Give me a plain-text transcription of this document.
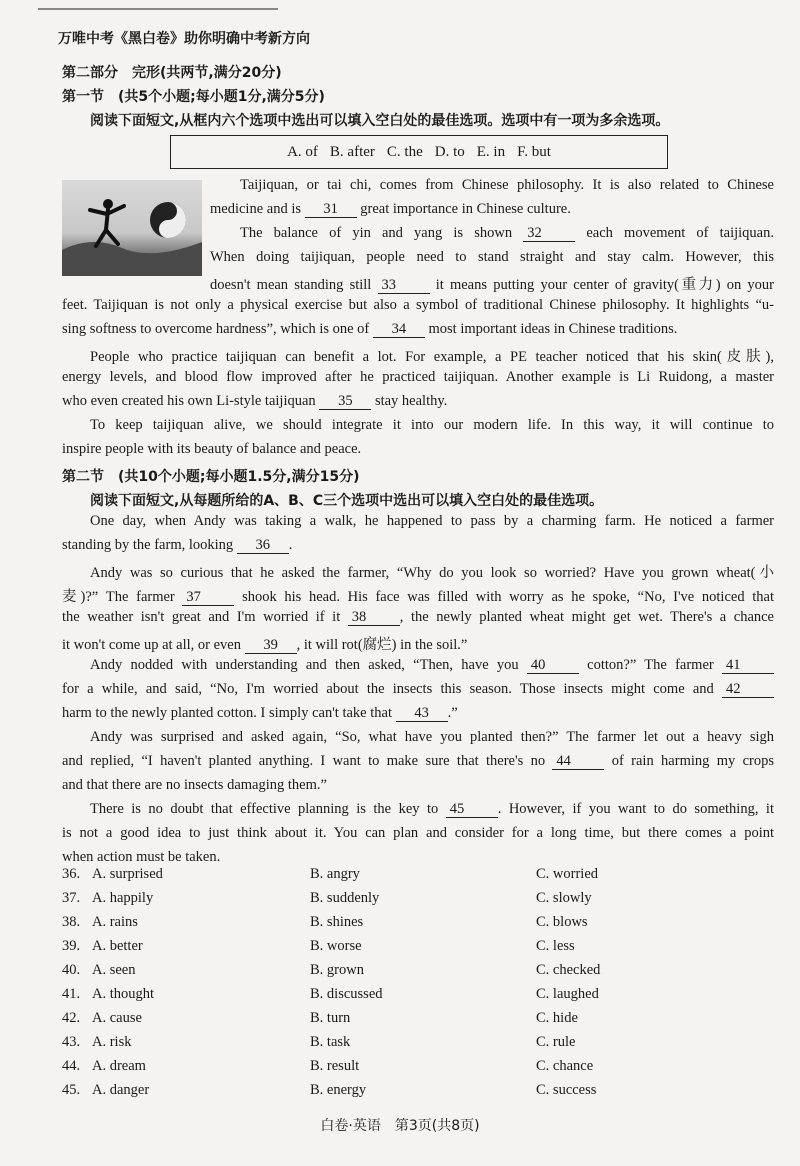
万唯中考《黑白卷》助你明确中考新方向
第二部分　完形(共两节,满分20分)
第一节　(共5个小题;每小题1分,满分5分)
阅读下面短文,从框内六个选项中选出可以填入空白处的最佳选项。选项中有一项为多余选项。
A. of B. after C. the D. to E. in F. but
Taijiquan, or tai chi, comes from Chinese philosophy. It is also related to Chinese
medicine and is 31 great importance in Chinese culture.
The balance of yin and yang is shown 32 each movement of taijiquan.
When doing taijiquan, people need to stand straight and stay calm. However, this
doesn't mean standing still 33 it means putting your center of gravity(重力) on your
feet. Taijiquan is not only a physical exercise but also a symbol of traditional Chinese philosophy. It highlights “u-
sing softness to overcome hardness”, which is one of 34 most important ideas in Chinese traditions.
People who practice taijiquan can benefit a lot. For example, a PE teacher noticed that his skin(皮肤),
energy levels, and blood flow improved after he practiced taijiquan. Another example is Li Ruidong, a master
who even created his own Li-style taijiquan 35 stay healthy.
To keep taijiquan alive, we should integrate it into our modern life. In this way, it will continue to
inspire people with its beauty of balance and peace.
第二节　(共10个小题;每小题1.5分,满分15分)
阅读下面短文,从每题所给的A、B、C三个选项中选出可以填入空白处的最佳选项。
One day, when Andy was taking a walk, he happened to pass by a charming farm. He noticed a farmer
standing by the farm, looking 36 .
Andy was so curious that he asked the farmer, “Why do you look so worried? Have you grown wheat(小
麦)?” The farmer 37 shook his head. His face was filled with worry as he spoke, “No, I've noticed that
the weather isn't great and I'm worried if it 38 , the newly planted wheat might get wet. There's a chance
it won't come up at all, or even 39 , it will rot(腐烂) in the soil.”
Andy nodded with understanding and then asked, “Then, have you 40 cotton?” The farmer 41
for a while, and said, “No, I'm worried about the insects this season. Those insects might come and 42
harm to the newly planted cotton. I simply can't take that 43 .”
Andy was surprised and asked again, “So, what have you planted then?” The farmer let out a heavy sigh
and replied, “I haven't planted anything. I want to make sure that there's no 44 of rain harming my crops
and that there are no insects damaging them.”
There is no doubt that effective planning is the key to 45 . However, if you want to do something, it
is not a good idea to just think about it. You can plan and consider for a long time, but there comes a point
when action must be taken.
36. A. surprised	B. angry	C. worried
37. A. happily	B. suddenly	C. slowly
38. A. rains	B. shines	C. blows
39. A. better	B. worse	C. less
40. A. seen	B. grown	C. checked
41. A. thought	B. discussed	C. laughed
42. A. cause	B. turn	C. hide
43. A. risk	B. task	C. rule
44. A. dream	B. result	C. chance
45. A. danger	B. energy	C. success
白卷·英语　第3页(共8页)
